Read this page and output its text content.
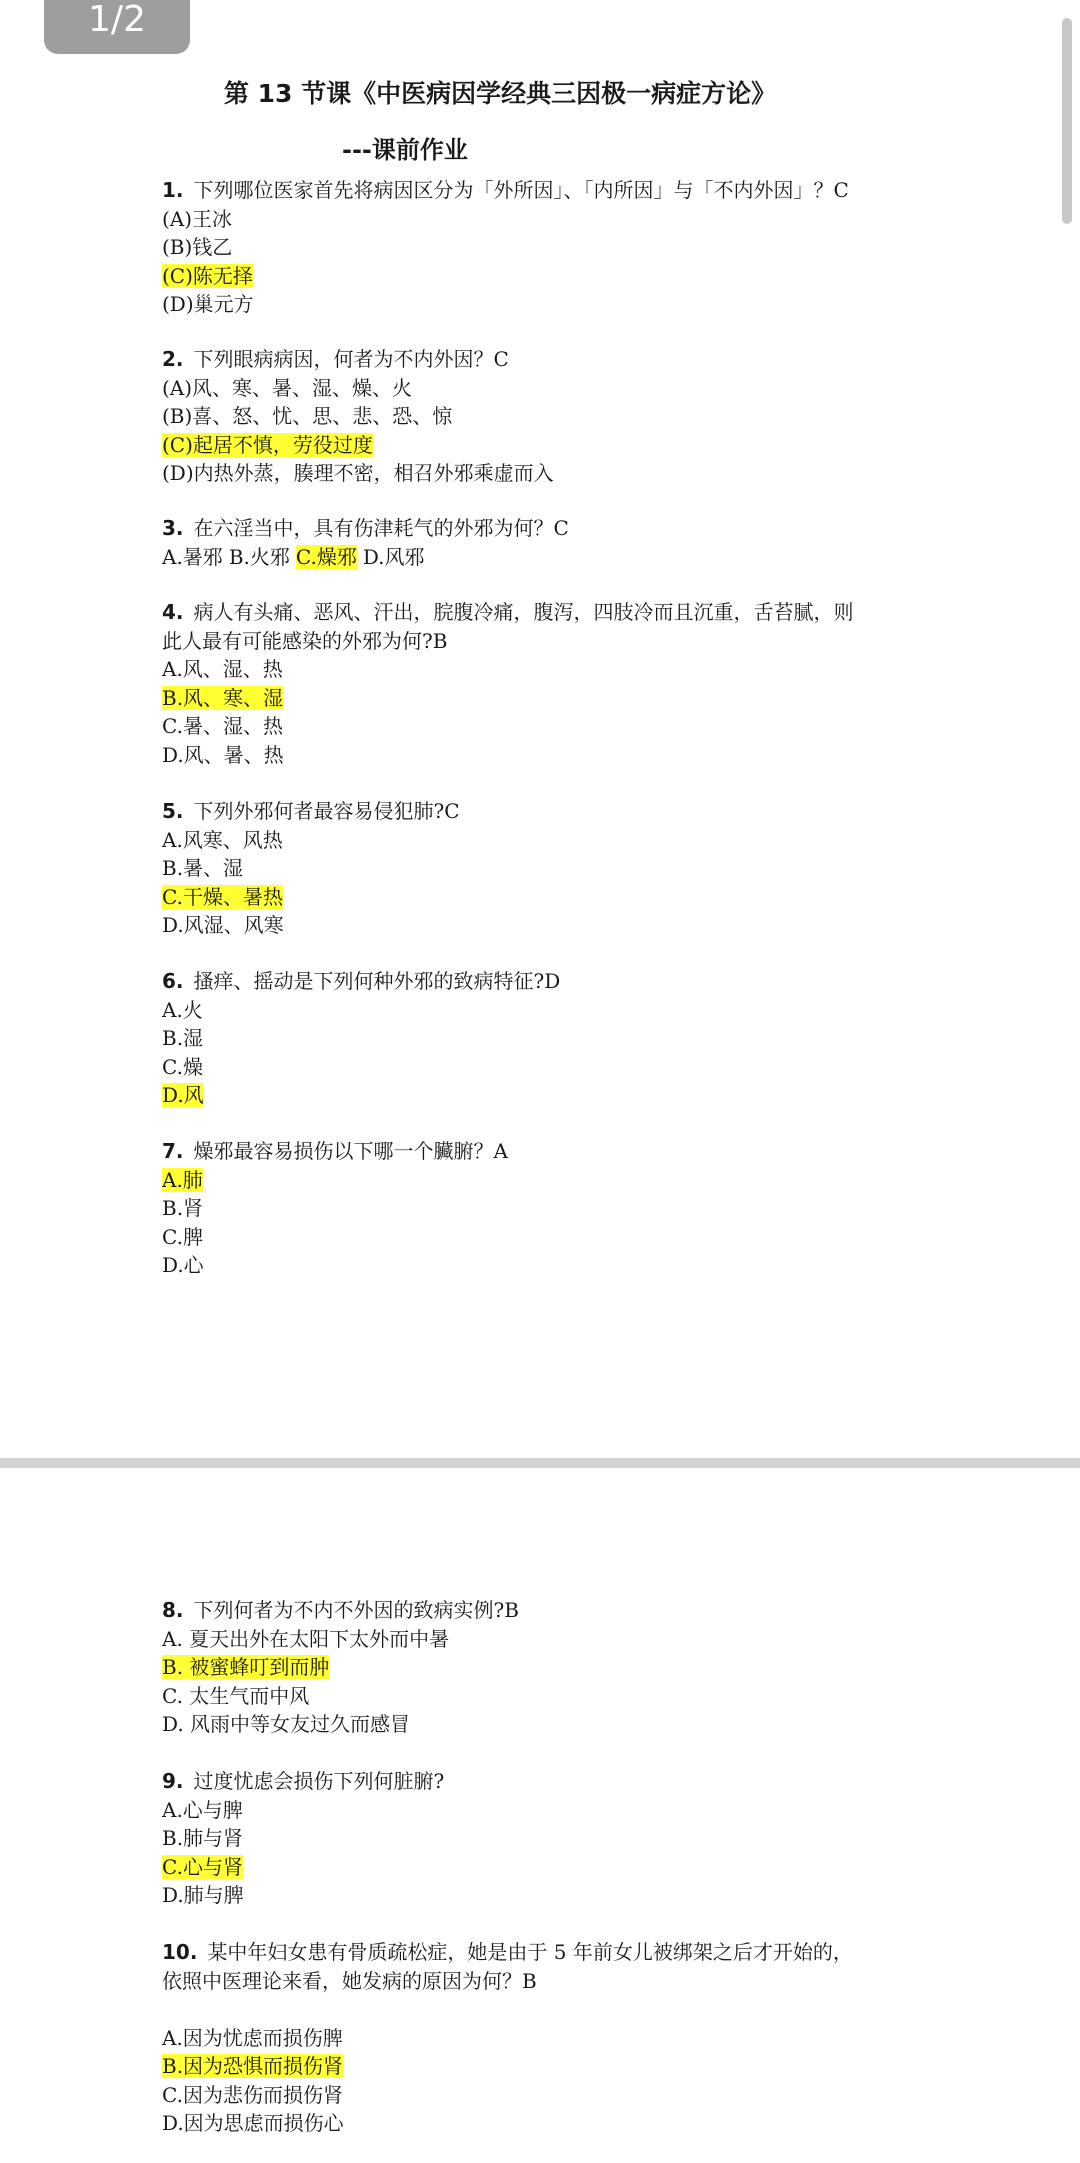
1/2
第 13 节课《中医病因学经典三因极一病症方论》
---课前作业
1. 下列哪位医家首先将病因区分为「外所因」、「内所因」与「不内外因」？C
(A)王冰
(B)钱乙
(C)陈无择
(D)巢元方
2. 下列眼病病因，何者为不内外因？C
(A)风、寒、暑、湿、燥、火
(B)喜、怒、忧、思、悲、恐、惊
(C)起居不慎，劳役过度
(D)内热外蒸，腠理不密，相召外邪乘虚而入
3. 在六淫当中，具有伤津耗气的外邪为何？C
A.暑邪 B.火邪 C.燥邪 D.风邪
4. 病人有头痛、恶风、汗出，脘腹冷痛，腹泻，四肢冷而且沉重，舌苔腻，则
此人最有可能感染的外邪为何?B
A.风、湿、热
B.风、寒、湿
C.暑、湿、热
D.风、暑、热
5. 下列外邪何者最容易侵犯肺?C
A.风寒、风热
B.暑、湿
C.干燥、暑热
D.风湿、风寒
6. 搔痒、摇动是下列何种外邪的致病特征?D
A.火
B.湿
C.燥
D.风
7. 燥邪最容易损伤以下哪一个臟腑？A
A.肺
B.肾
C.脾
D.心
8. 下列何者为不内不外因的致病实例?B
A. 夏天出外在太阳下太外而中暑
B. 被蜜蜂叮到而肿
C. 太生气而中风
D. 风雨中等女友过久而感冒
9. 过度忧虑会损伤下列何脏腑?
A.心与脾
B.肺与肾
C.心与肾
D.肺与脾
10. 某中年妇女患有骨质疏松症，她是由于 5 年前女儿被绑架之后才开始的，
依照中医理论来看，她发病的原因为何？B
A.因为忧虑而损伤脾
B.因为恐惧而损伤肾
C.因为悲伤而损伤肾
D.因为思虑而损伤心
